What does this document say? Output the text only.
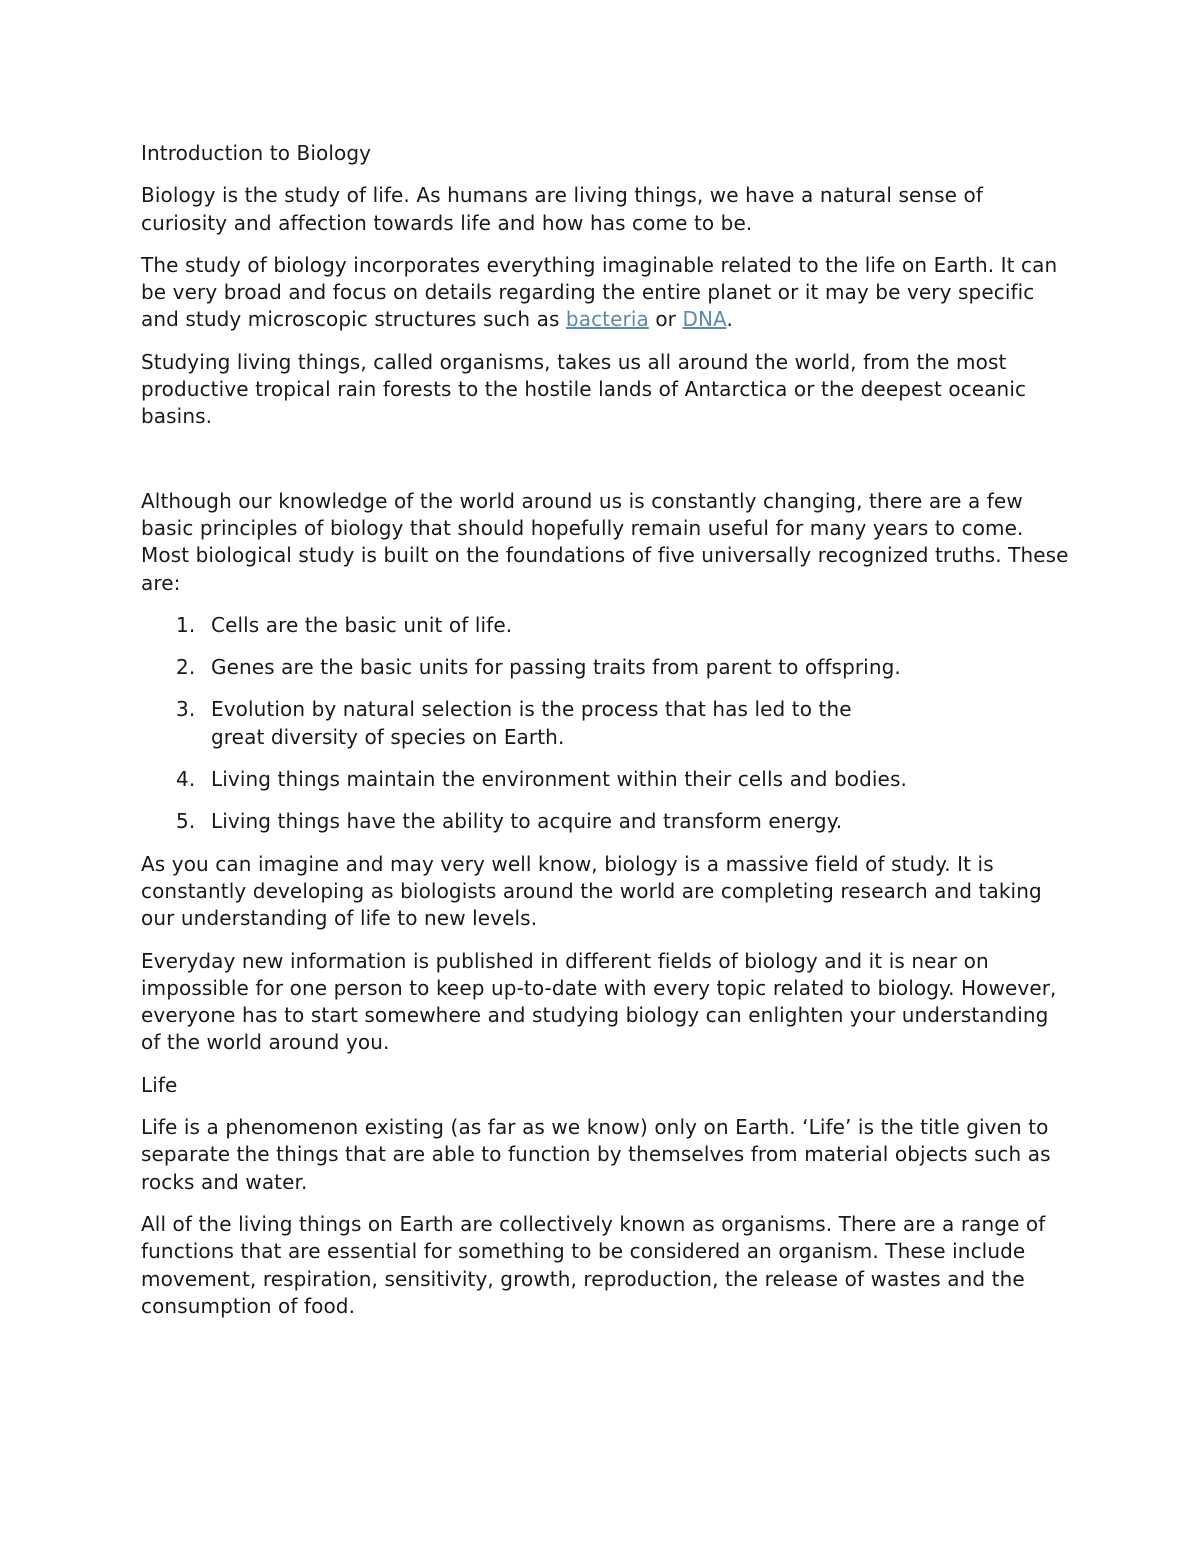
Introduction to Biology

Biology is the study of life. As humans are living things, we have a natural sense of curiosity and affection towards life and how has come to be.

The study of biology incorporates everything imaginable related to the life on Earth. It can be very broad and focus on details regarding the entire planet or it may be very specific and study microscopic structures such as bacteria or DNA.

Studying living things, called organisms, takes us all around the world, from the most productive tropical rain forests to the hostile lands of Antarctica or the deepest oceanic basins.

Although our knowledge of the world around us is constantly changing, there are a few basic principles of biology that should hopefully remain useful for many years to come. Most biological study is built on the foundations of five universally recognized truths. These are:

1. Cells are the basic unit of life.
2. Genes are the basic units for passing traits from parent to offspring.
3. Evolution by natural selection is the process that has led to the great diversity of species on Earth.
4. Living things maintain the environment within their cells and bodies.
5. Living things have the ability to acquire and transform energy.

As you can imagine and may very well know, biology is a massive field of study. It is constantly developing as biologists around the world are completing research and taking our understanding of life to new levels.

Everyday new information is published in different fields of biology and it is near on impossible for one person to keep up-to-date with every topic related to biology. However, everyone has to start somewhere and studying biology can enlighten your understanding of the world around you.

Life

Life is a phenomenon existing (as far as we know) only on Earth. ‘Life’ is the title given to separate the things that are able to function by themselves from material objects such as rocks and water.

All of the living things on Earth are collectively known as organisms. There are a range of functions that are essential for something to be considered an organism. These include movement, respiration, sensitivity, growth, reproduction, the release of wastes and the consumption of food.
